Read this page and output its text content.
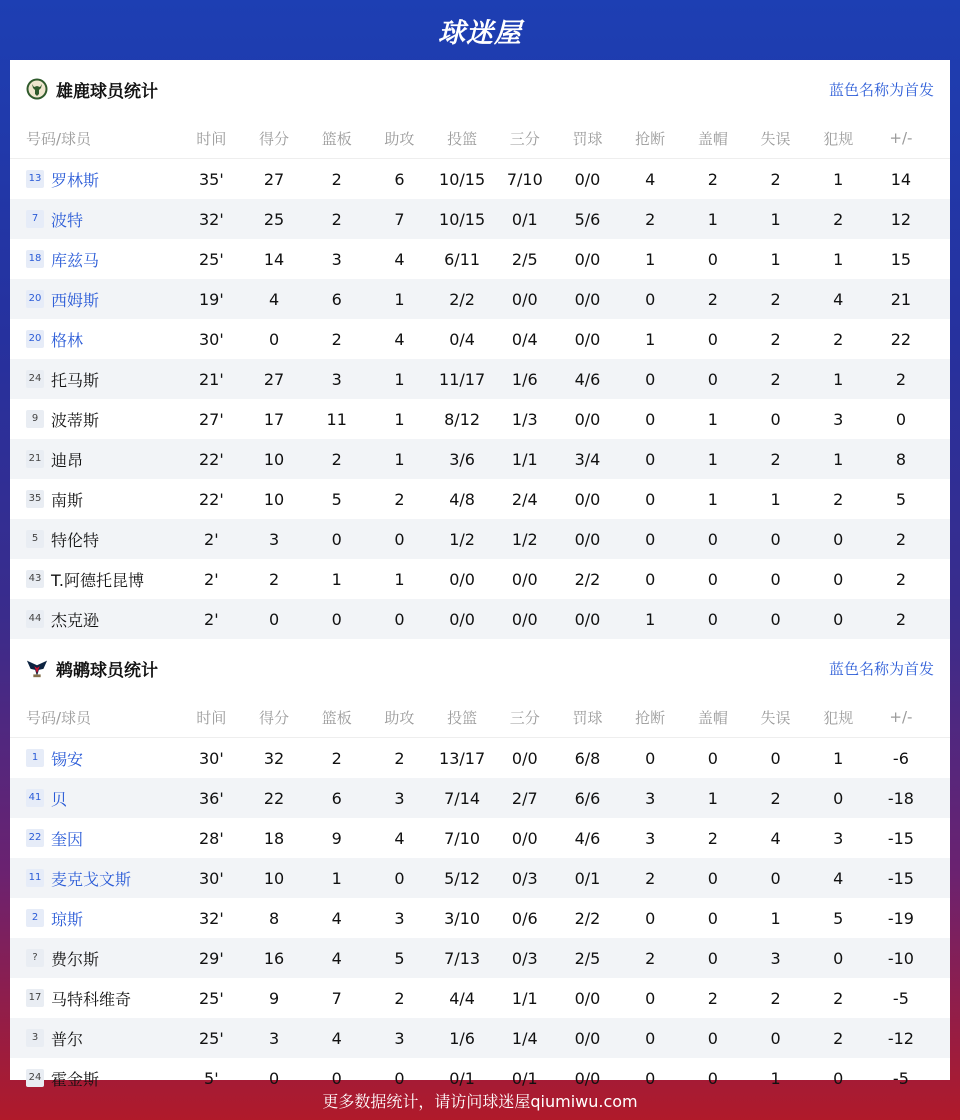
球迷屋
雄鹿球员统计	蓝色名称为首发
号码/球员	时间	得分	篮板	助攻	投篮	三分	罚球	抢断	盖帽	失误	犯规	+/-
13 罗林斯	35'	27	2	6	10/15	7/10	0/0	4	2	2	1	14
7 波特	32'	25	2	7	10/15	0/1	5/6	2	1	1	2	12
18 库兹马	25'	14	3	4	6/11	2/5	0/0	1	0	1	1	15
20 西姆斯	19'	4	6	1	2/2	0/0	0/0	0	2	2	4	21
20 格林	30'	0	2	4	0/4	0/4	0/0	1	0	2	2	22
24 托马斯	21'	27	3	1	11/17	1/6	4/6	0	0	2	1	2
9 波蒂斯	27'	17	11	1	8/12	1/3	0/0	0	1	0	3	0
21 迪昂	22'	10	2	1	3/6	1/1	3/4	0	1	2	1	8
35 南斯	22'	10	5	2	4/8	2/4	0/0	0	1	1	2	5
5 特伦特	2'	3	0	0	1/2	1/2	0/0	0	0	0	0	2
43 T.阿德托昆博	2'	2	1	1	0/0	0/0	2/2	0	0	0	0	2
44 杰克逊	2'	0	0	0	0/0	0/0	0/0	1	0	0	0	2
鹈鹕球员统计	蓝色名称为首发
号码/球员	时间	得分	篮板	助攻	投篮	三分	罚球	抢断	盖帽	失误	犯规	+/-
1 锡安	30'	32	2	2	13/17	0/0	6/8	0	0	0	1	-6
41 贝	36'	22	6	3	7/14	2/7	6/6	3	1	2	0	-18
22 奎因	28'	18	9	4	7/10	0/0	4/6	3	2	4	3	-15
11 麦克戈文斯	30'	10	1	0	5/12	0/3	0/1	2	0	0	4	-15
2 琼斯	32'	8	4	3	3/10	0/6	2/2	0	0	1	5	-19
? 费尔斯	29'	16	4	5	7/13	0/3	2/5	2	0	3	0	-10
17 马特科维奇	25'	9	7	2	4/4	1/1	0/0	0	2	2	2	-5
3 普尔	25'	3	4	3	1/6	1/4	0/0	0	0	0	2	-12
24 霍金斯	5'	0	0	0	0/1	0/1	0/0	0	0	1	0	-5
更多数据统计，请访问球迷屋qiumiwu.com
